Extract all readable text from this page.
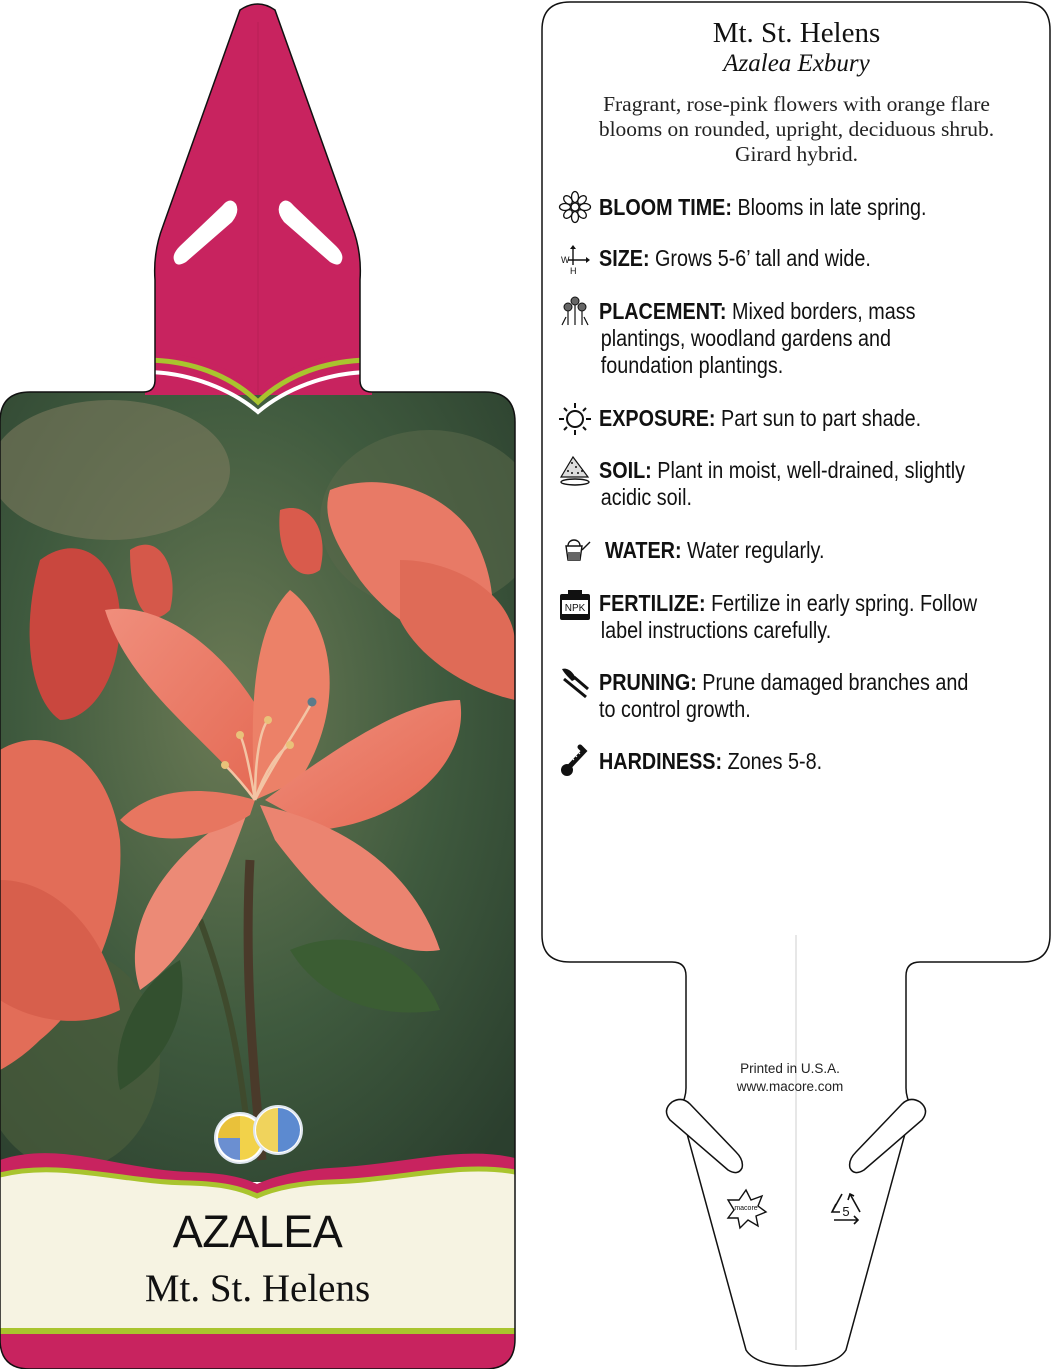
Mt. St. Helens
Azalea Exbury
Fragrant, rose-pink flowers with orange flare
blooms on rounded, upright, deciduous shrub.
Girard hybrid.
W
H
NPK
BLOOM TIME: Blooms in late spring.
SIZE: Grows 5-6’ tall and wide.
PLACEMENT: Mixed borders, mass
plantings, woodland gardens and
foundation plantings.
EXPOSURE: Part sun to part shade.
SOIL: Plant in moist, well-drained, slightly
acidic soil.
WATER: Water regularly.
FERTILIZE: Fertilize in early spring. Follow
label instructions carefully.
PRUNING: Prune damaged branches and
to control growth.
HARDINESS: Zones 5-8.
AZALEA
Mt. St. Helens
Printed in U.S.A.
www.macore.com
macore	5
